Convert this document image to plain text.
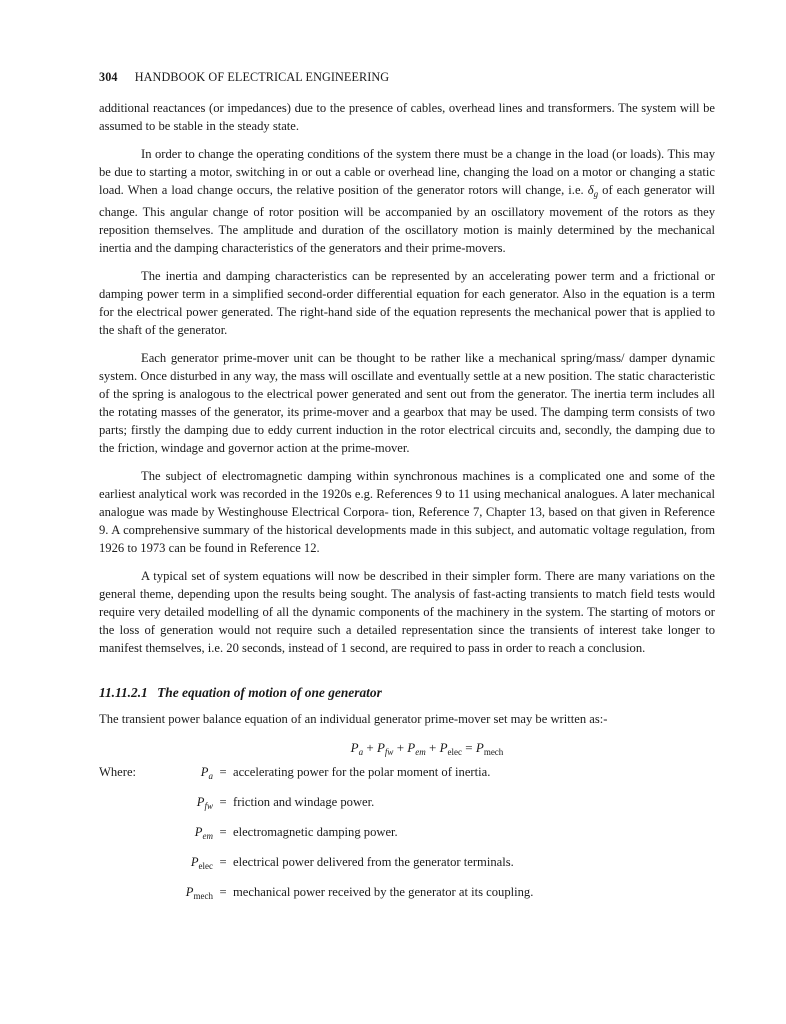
304 HANDBOOK OF ELECTRICAL ENGINEERING

additional reactances (or impedances) due to the presence of cables, overhead lines and transformers. The system will be assumed to be stable in the steady state.

In order to change the operating conditions of the system there must be a change in the load (or loads). This may be due to starting a motor, switching in or out a cable or overhead line, changing the load on a motor or changing a static load. When a load change occurs, the relative position of the generator rotors will change, i.e. $\delta_g$ of each generator will change. This angular change of rotor position will be accompanied by an oscillatory movement of the rotors as they reposition themselves. The amplitude and duration of the oscillatory motion is mainly determined by the mechanical inertia and the damping characteristics of the generators and their prime-movers.

The inertia and damping characteristics can be represented by an accelerating power term and a frictional or damping power term in a simplified second-order differential equation for each generator. Also in the equation is a term for the electrical power generated. The right-hand side of the equation represents the mechanical power that is applied to the shaft of the generator.

Each generator prime-mover unit can be thought to be rather like a mechanical spring/mass/ damper dynamic system. Once disturbed in any way, the mass will oscillate and eventually settle at a new position. The static characteristic of the spring is analogous to the electrical power generated and sent out from the generator. The inertia term includes all the rotating masses of the generator, its prime-mover and a gearbox that may be used. The damping term consists of two parts; firstly the damping due to eddy current induction in the rotor electrical circuits and, secondly, the damping due to the friction, windage and governor action at the prime-mover.

The subject of electromagnetic damping within synchronous machines is a complicated one and some of the earliest analytical work was recorded in the 1920s e.g. References 9 to 11 using mechanical analogues. A later mechanical analogue was made by Westinghouse Electrical Corpora- tion, Reference 7, Chapter 13, based on that given in Reference 9. A comprehensive summary of the historical developments made in this subject, and automatic voltage regulation, from 1926 to 1973 can be found in Reference 12.

A typical set of system equations will now be described in their simpler form. There are many variations on the general theme, depending upon the results being sought. The analysis of fast-acting transients to match field tests would require very detailed modelling of all the dynamic components of the machinery in the system. The starting of motors or the loss of generation would not require such a detailed representation since the transients of interest take longer to manifest themselves, i.e. 20 seconds, instead of 1 second, are required to pass in order to reach a conclusion.

11.11.2.1 The equation of motion of one generator

The transient power balance equation of an individual generator prime-mover set may be written as:-

$P_a + P_{fw} + P_{em} + P_{elec} = P_{mech}$
Where:	$P_a$ = accelerating power for the polar moment of inertia.
$P_{fw}$ = friction and windage power.
$P_{em}$ = electromagnetic damping power.
$P_{elec}$ = electrical power delivered from the generator terminals.
$P_{mech}$ = mechanical power received by the generator at its coupling.
